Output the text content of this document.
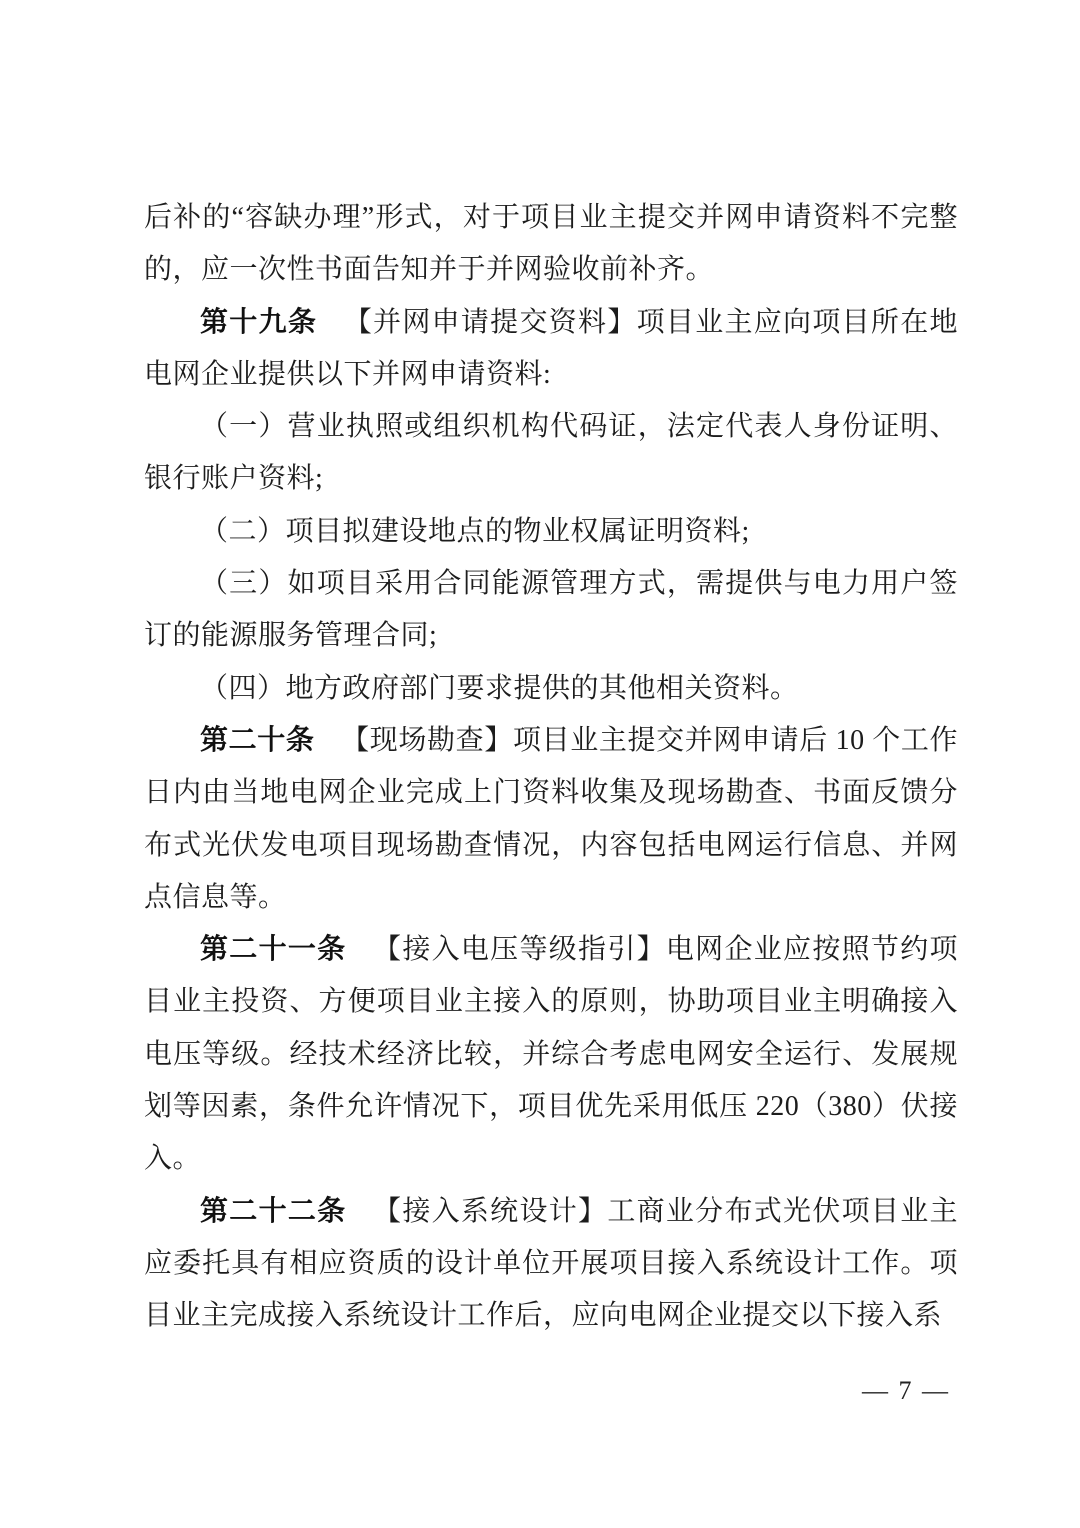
后补的“容缺办理”形式，对于项目业主提交并网申请资料不完整的，应一次性书面告知并于并网验收前补齐。

第十九条 【并网申请提交资料】项目业主应向项目所在地电网企业提供以下并网申请资料:

（一）营业执照或组织机构代码证，法定代表人身份证明、银行账户资料;

（二）项目拟建设地点的物业权属证明资料;

（三）如项目采用合同能源管理方式，需提供与电力用户签订的能源服务管理合同;

（四）地方政府部门要求提供的其他相关资料。

第二十条 【现场勘查】项目业主提交并网申请后 10 个工作日内由当地电网企业完成上门资料收集及现场勘查、书面反馈分布式光伏发电项目现场勘查情况，内容包括电网运行信息、并网点信息等。

第二十一条 【接入电压等级指引】电网企业应按照节约项目业主投资、方便项目业主接入的原则，协助项目业主明确接入电压等级。经技术经济比较，并综合考虑电网安全运行、发展规划等因素，条件允许情况下，项目优先采用低压 220（380）伏接入。

第二十二条 【接入系统设计】工商业分布式光伏项目业主应委托具有相应资质的设计单位开展项目接入系统设计工作。项目业主完成接入系统设计工作后，应向电网企业提交以下接入系

— 7 —
